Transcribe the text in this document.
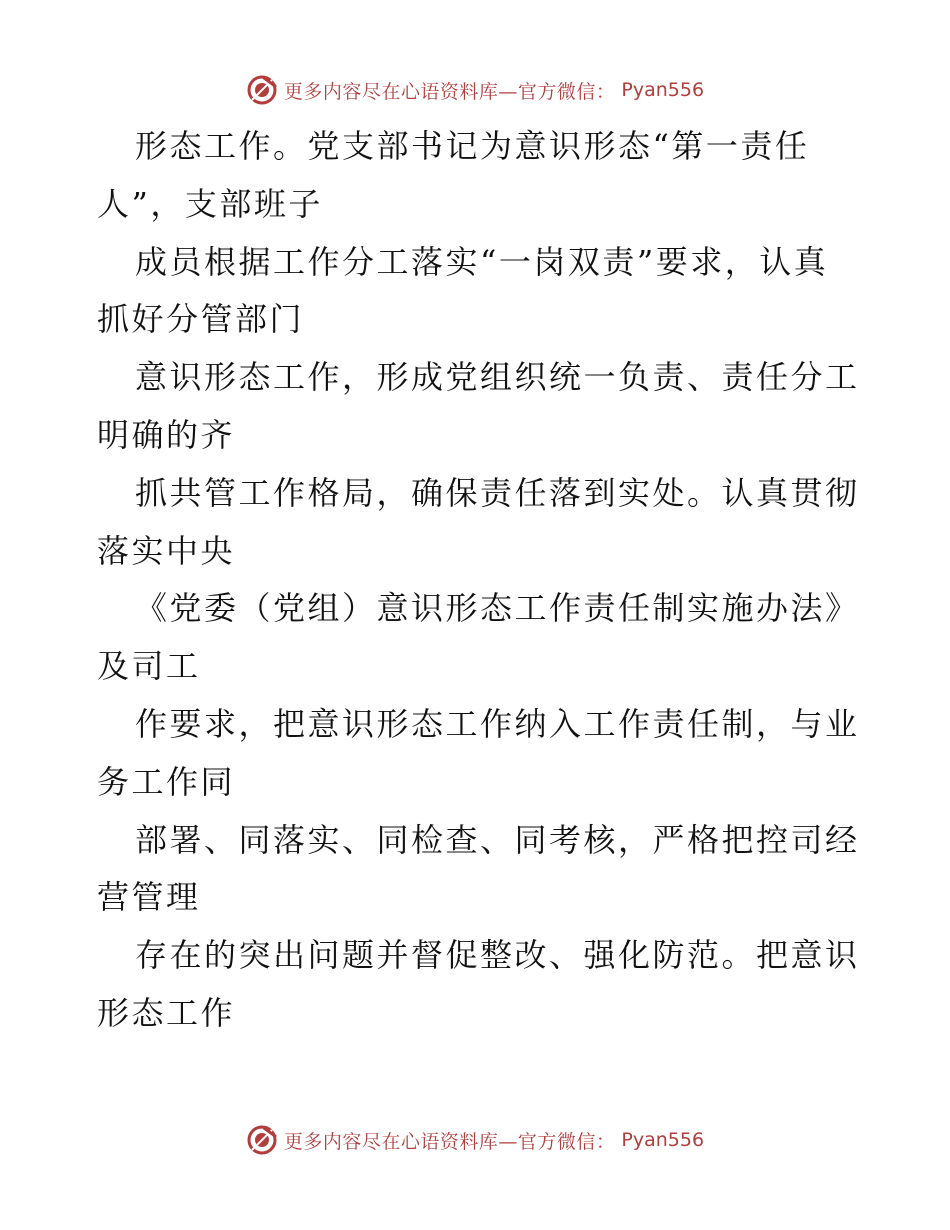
更多内容尽在心语资料库—官方微信： Pyan556
形态工作。党支部书记为意识形态“第一责任
人”，支部班子
成员根据工作分工落实“一岗双责”要求，认真
抓好分管部门
意识形态工作，形成党组织统一负责、责任分工
明确的齐
抓共管工作格局，确保责任落到实处。认真贯彻
落实中央
《党委（党组）意识形态工作责任制实施办法》
及司工
作要求，把意识形态工作纳入工作责任制，与业
务工作同
部署、同落实、同检查、同考核，严格把控司经
营管理
存在的突出问题并督促整改、强化防范。把意识
形态工作
更多内容尽在心语资料库—官方微信： Pyan556
